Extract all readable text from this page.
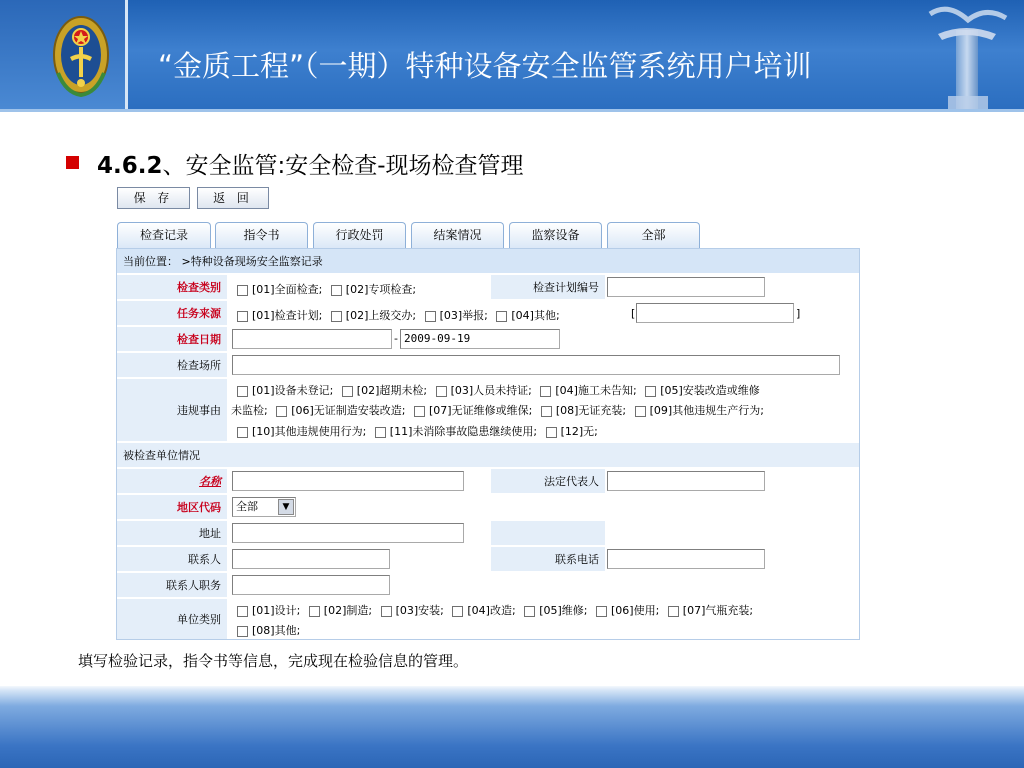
“金质工程”（一期）特种设备安全监管系统用户培训
4.6.2、安全监管:安全检查-现场检查管理
保 存	返 回
检查记录	指令书	行政处罚	结案情况	监察设备	全部
当前位置： >特种设备现场安全监察记录
检查类别	[01]全面检查; [02]专项检查;	检查计划编号
任务来源	[01]检查计划; [02]上级交办; [03]举报; [04]其他;	[	]
检查日期	- 2009-09-19
检查场所
违规事由
[01]设备未登记; [02]超期未检; [03]人员未持证; [04]施工未告知; [05]安装改造或维修
未监检; [06]无证制造安装改造; [07]无证维修或维保; [08]无证充装; [09]其他违规生产行为;
[10]其他违规使用行为; [11]未消除事故隐患继续使用; [12]无;
被检查单位情况
名称	法定代表人
地区代码	全部	▼
地址
联系人	联系电话
联系人职务
单位类别
[01]设计; [02]制造; [03]安装; [04]改造; [05]维修; [06]使用; [07]气瓶充装;
[08]其他;
填写检验记录，指令书等信息，完成现在检验信息的管理。
